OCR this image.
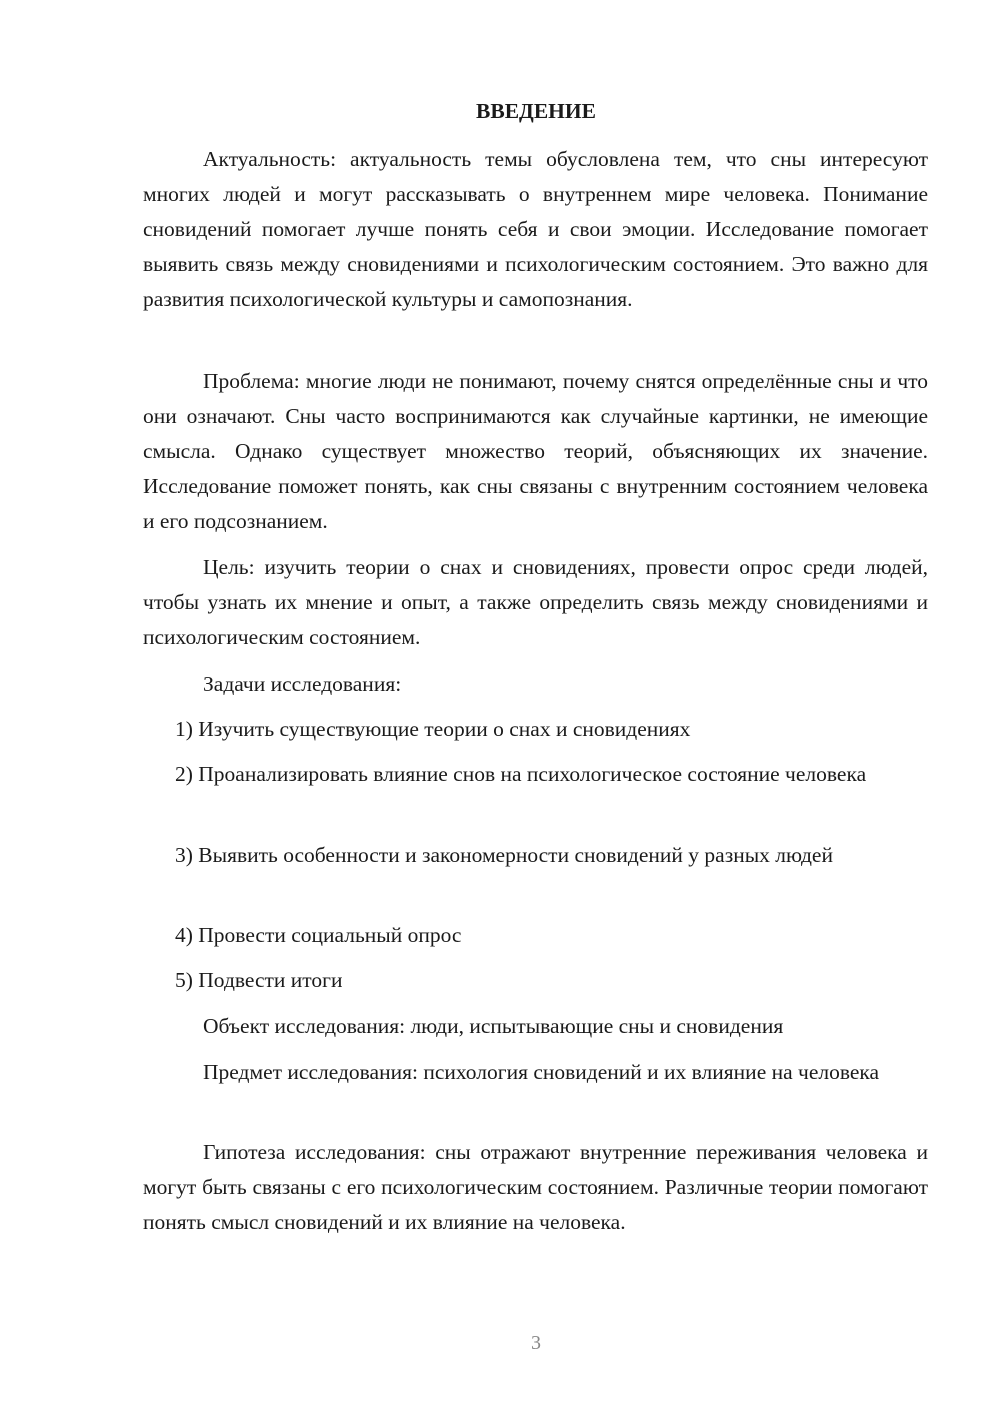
ВВЕДЕНИЕ

Актуальность: актуальность темы обусловлена тем, что сны интересуют многих людей и могут рассказывать о внутреннем мире человека. Понимание сновидений помогает лучше понять себя и свои эмоции. Исследование помогает выявить связь между сновидениями и психологическим состоянием. Это важно для развития психологической культуры и самопознания.

Проблема: многие люди не понимают, почему снятся определённые сны и что они означают. Сны часто воспринимаются как случайные картинки, не имеющие смысла. Однако существует множество теорий, объясняющих их значение. Исследование поможет понять, как сны связаны с внутренним состоянием человека и его подсознанием.

Цель: изучить теории о снах и сновидениях, провести опрос среди людей, чтобы узнать их мнение и опыт, а также определить связь между сновидениями и психологическим состоянием.

Задачи исследования:

1) Изучить существующие теории о снах и сновидениях

2) Проанализировать влияние снов на психологическое состояние человека

3) Выявить особенности и закономерности сновидений у разных людей

4) Провести социальный опрос

5) Подвести итоги

Объект исследования: люди, испытывающие сны и сновидения

Предмет исследования: психология сновидений и их влияние на человека

Гипотеза исследования: сны отражают внутренние переживания человека и могут быть связаны с его психологическим состоянием. Различные теории помогают понять смысл сновидений и их влияние на человека.

3
